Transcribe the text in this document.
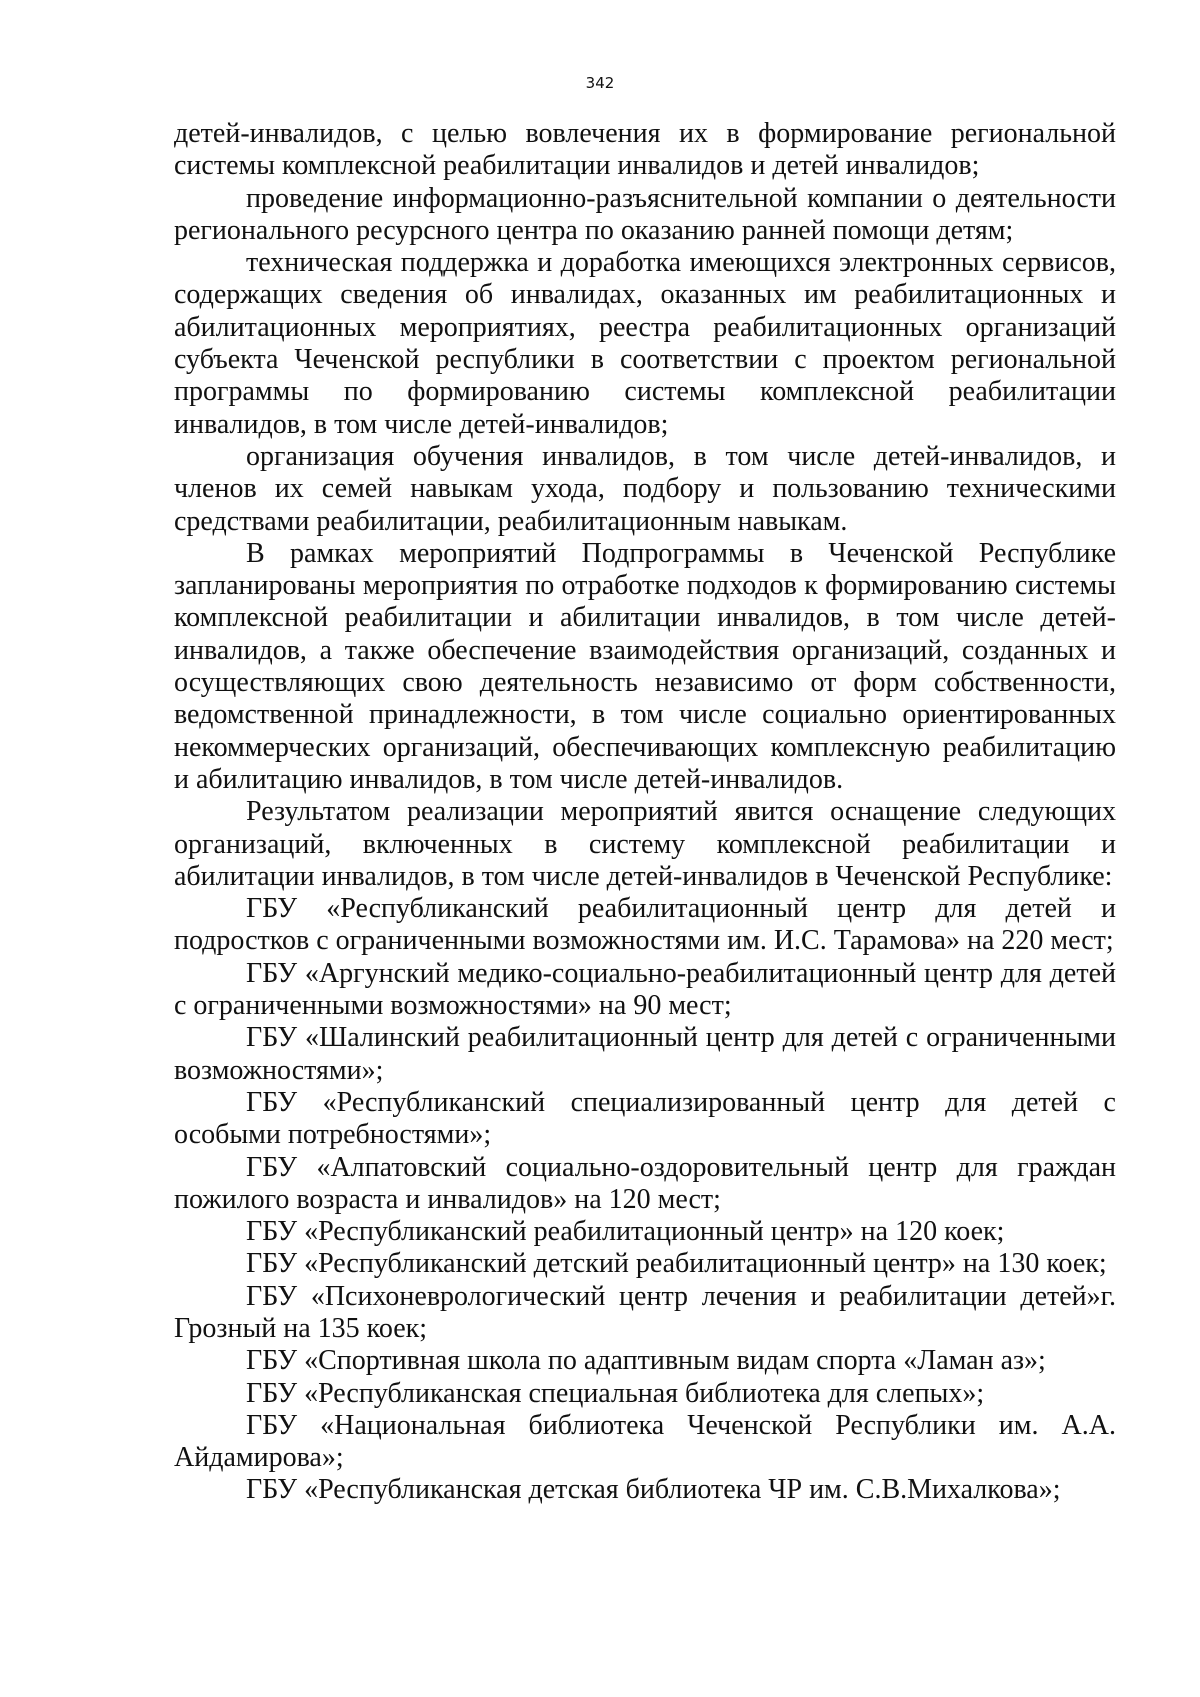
342

детей-инвалидов, с целью вовлечения их в формирование региональной системы комплексной реабилитации инвалидов и детей инвалидов;

проведение информационно-разъяснительной компании о деятельности регионального ресурсного центра по оказанию ранней помощи детям;

техническая поддержка и доработка имеющихся электронных сервисов, содержащих сведения об инвалидах, оказанных им реабилитационных и абилитационных мероприятиях, реестра реабилитационных организаций субъекта Чеченской республики в соответствии с проектом региональной программы по формированию системы комплексной реабилитации инвалидов, в том числе детей-инвалидов;

организация обучения инвалидов, в том числе детей-инвалидов, и членов их семей навыкам ухода, подбору и пользованию техническими средствами реабилитации, реабилитационным навыкам.

В рамках мероприятий Подпрограммы в Чеченской Республике запланированы мероприятия по отработке подходов к формированию системы комплексной реабилитации и абилитации инвалидов, в том числе детей-инвалидов, а также обеспечение взаимодействия организаций, созданных и осуществляющих свою деятельность независимо от форм собственности, ведомственной принадлежности, в том числе социально ориентированных некоммерческих организаций, обеспечивающих комплексную реабилитацию и абилитацию инвалидов, в том числе детей-инвалидов.

Результатом реализации мероприятий явится оснащение следующих организаций, включенных в систему комплексной реабилитации и абилитации инвалидов, в том числе детей-инвалидов в Чеченской Республике:

ГБУ «Республиканский реабилитационный центр для детей и подростков с ограниченными возможностями им. И.С. Тарамова» на 220 мест;

ГБУ «Аргунский медико-социально-реабилитационный центр для детей с ограниченными возможностями» на 90 мест;

ГБУ «Шалинский реабилитационный центр для детей с ограниченными возможностями»;

ГБУ «Республиканский специализированный центр для детей с особыми потребностями»;

ГБУ «Алпатовский социально-оздоровительный центр для граждан пожилого возраста и инвалидов» на 120 мест;

ГБУ «Республиканский реабилитационный центр» на 120 коек;

ГБУ «Республиканский детский реабилитационный центр» на 130 коек;

ГБУ «Психоневрологический центр лечения и реабилитации детей»г. Грозный на 135 коек;

ГБУ «Спортивная школа по адаптивным видам спорта «Ламан аз»;

ГБУ «Республиканская специальная библиотека для слепых»;

ГБУ «Национальная библиотека Чеченской Республики им. А.А. Айдамирова»;

ГБУ «Республиканская детская библиотека ЧР им. С.В.Михалкова»;
